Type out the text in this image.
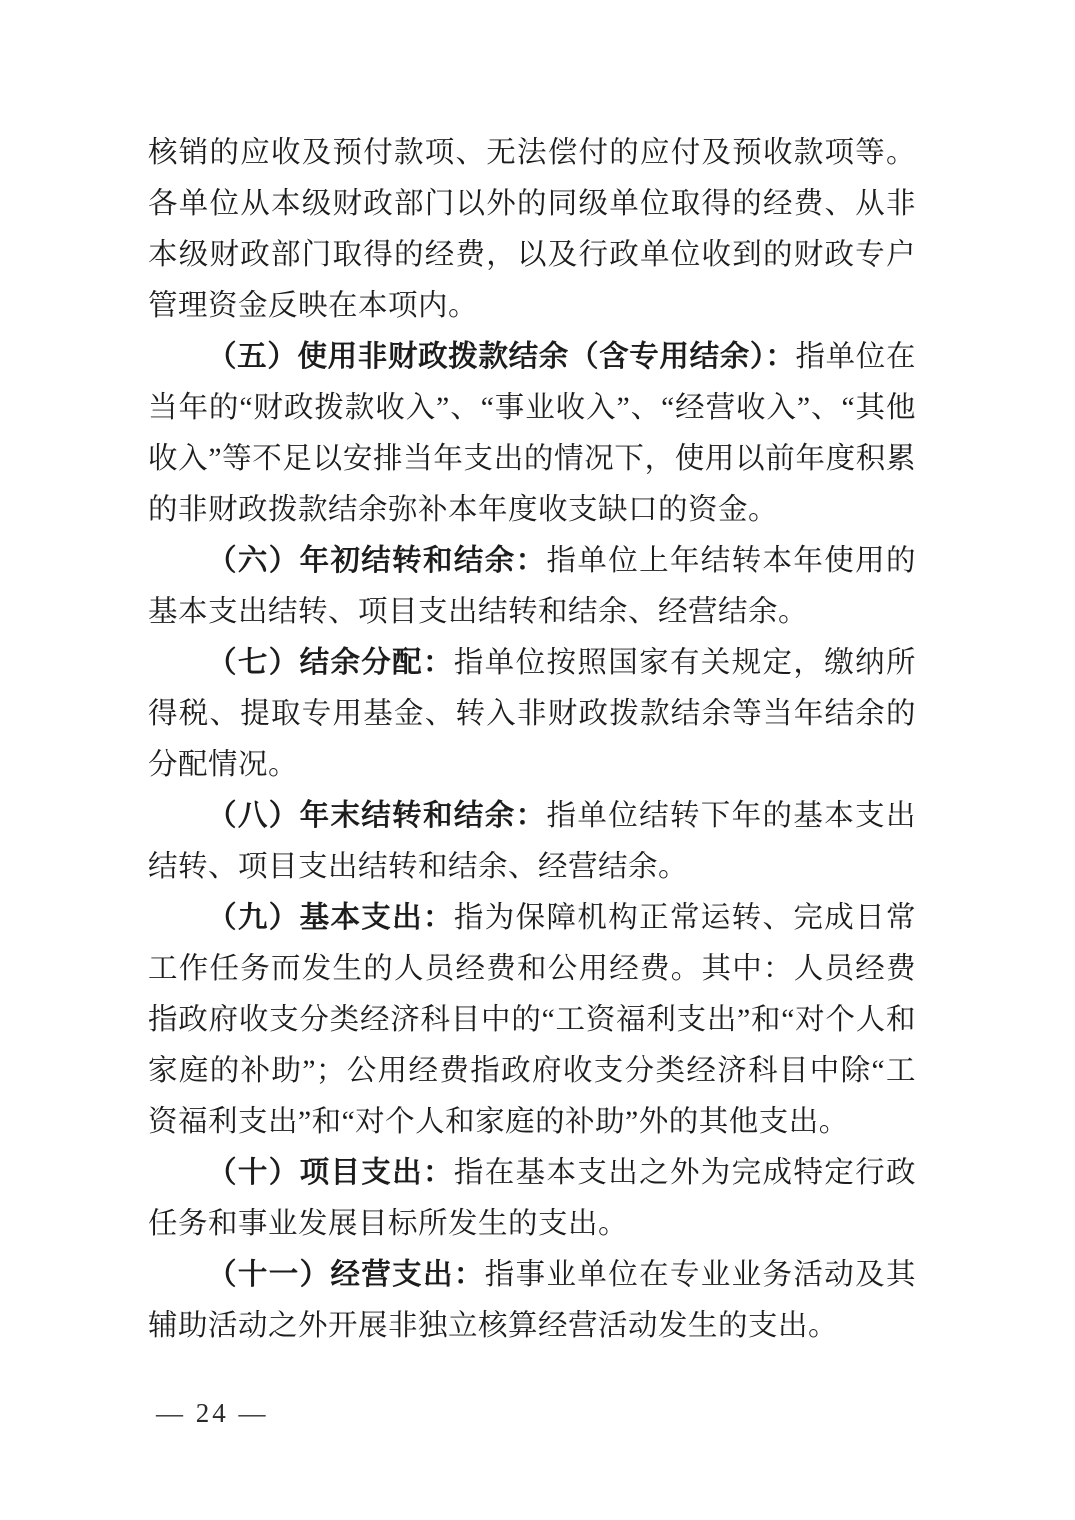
核销的应收及预付款项、无法偿付的应付及预收款项等。各单位从本级财政部门以外的同级单位取得的经费、从非本级财政部门取得的经费，以及行政单位收到的财政专户管理资金反映在本项内。

（五）使用非财政拨款结余（含专用结余）：指单位在当年的“财政拨款收入”、“事业收入”、“经营收入”、“其他收入”等不足以安排当年支出的情况下，使用以前年度积累的非财政拨款结余弥补本年度收支缺口的资金。

（六）年初结转和结余：指单位上年结转本年使用的基本支出结转、项目支出结转和结余、经营结余。

（七）结余分配：指单位按照国家有关规定，缴纳所得税、提取专用基金、转入非财政拨款结余等当年结余的分配情况。

（八）年末结转和结余：指单位结转下年的基本支出结转、项目支出结转和结余、经营结余。

（九）基本支出：指为保障机构正常运转、完成日常工作任务而发生的人员经费和公用经费。其中：人员经费指政府收支分类经济科目中的“工资福利支出”和“对个人和家庭的补助”；公用经费指政府收支分类经济科目中除“工资福利支出”和“对个人和家庭的补助”外的其他支出。

（十）项目支出：指在基本支出之外为完成特定行政任务和事业发展目标所发生的支出。

（十一）经营支出：指事业单位在专业业务活动及其辅助活动之外开展非独立核算经营活动发生的支出。

— 24 —
